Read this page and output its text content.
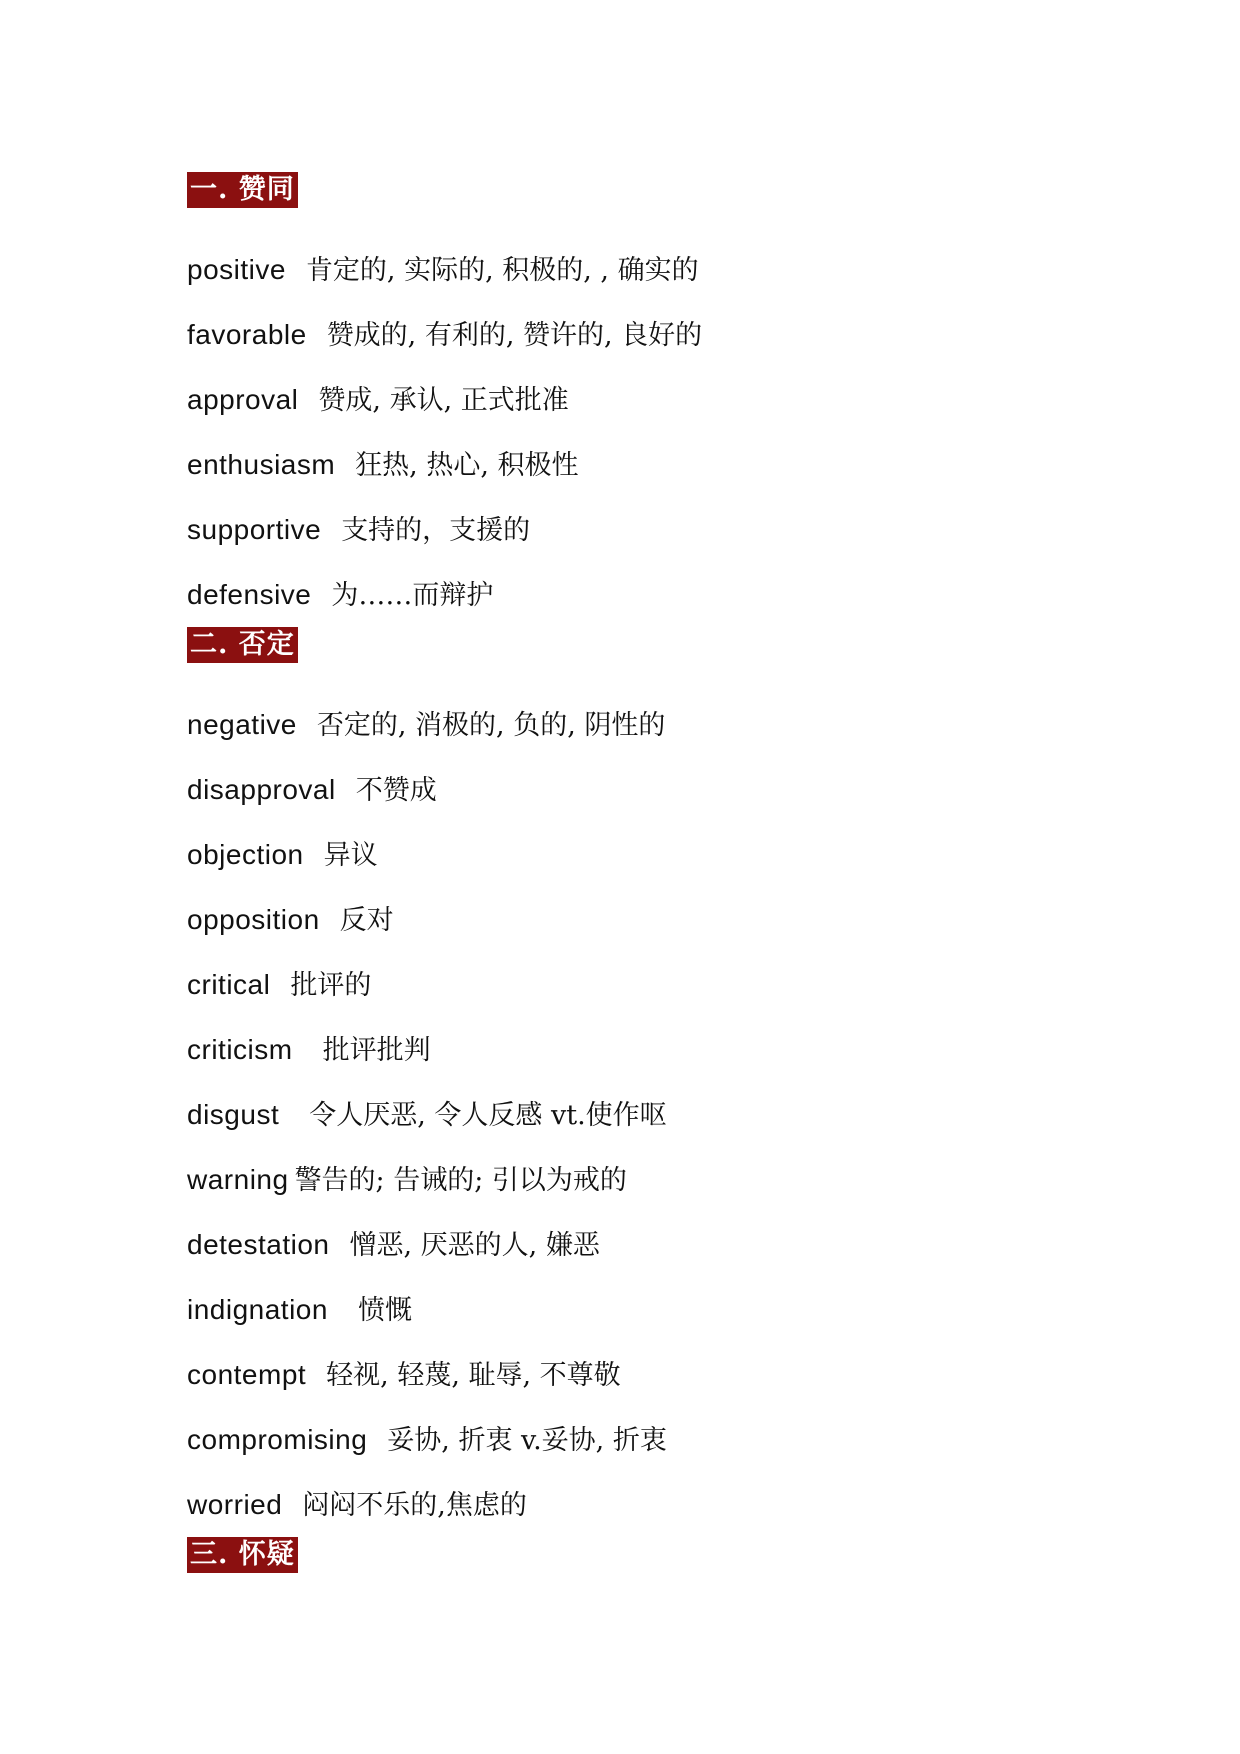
一. 赞同
positive 肯定的, 实际的, 积极的, , 确实的
favorable 赞成的, 有利的, 赞许的, 良好的
approval 赞成, 承认, 正式批准
enthusiasm 狂热, 热心, 积极性
supportive 支持的，支援的
defensive 为……而辩护
二. 否定
negative 否定的, 消极的, 负的, 阴性的
disapproval 不赞成
objection 异议
opposition 反对
critical 批评的
criticism 批评批判
disgust 令人厌恶, 令人反感 vt.使作呕
warning 警告的; 告诫的; 引以为戒的
detestation 憎恶, 厌恶的人, 嫌恶
indignation 愤慨
contempt 轻视, 轻蔑, 耻辱, 不尊敬
compromising 妥协, 折衷 v.妥协, 折衷
worried 闷闷不乐的,焦虑的
三. 怀疑
